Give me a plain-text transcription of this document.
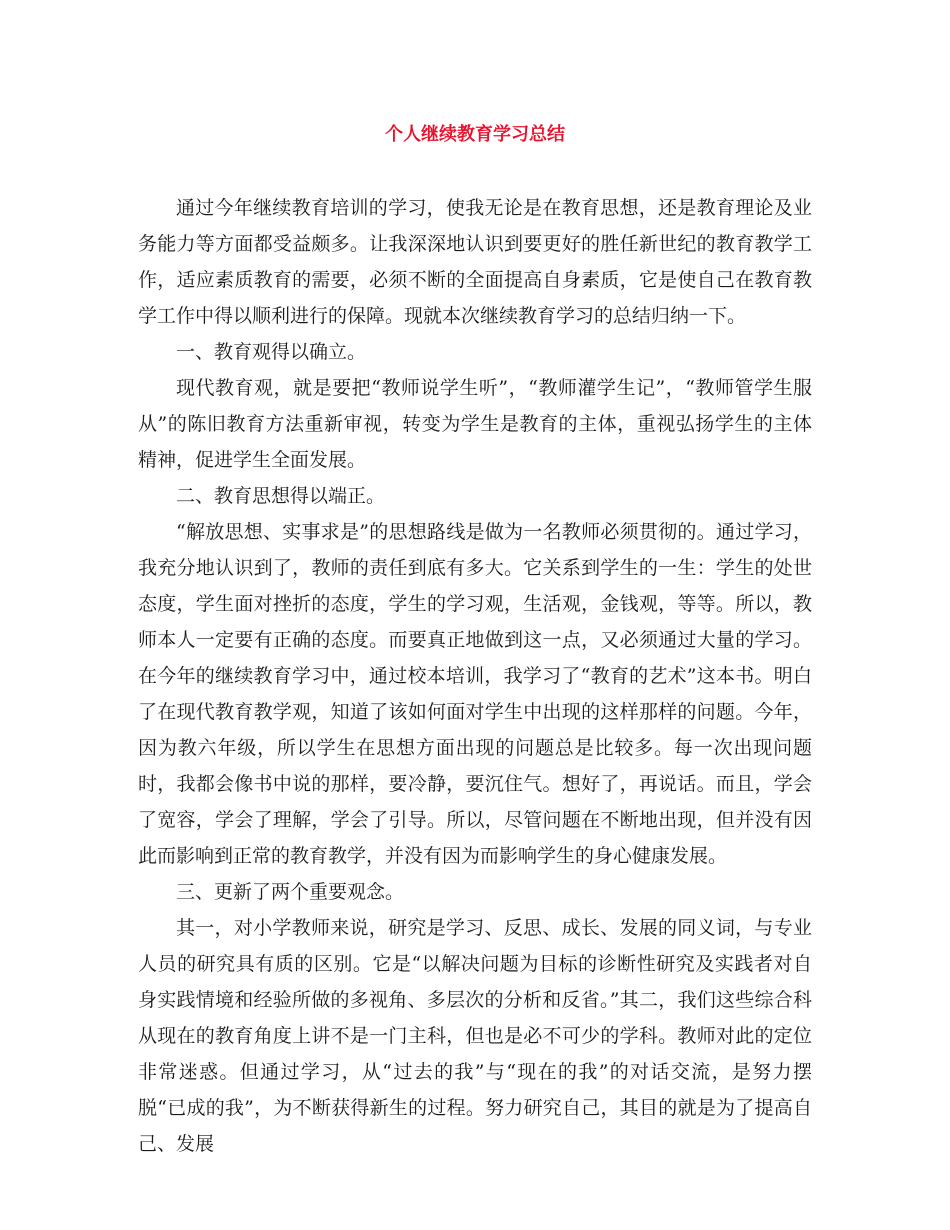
个人继续教育学习总结

通过今年继续教育培训的学习，使我无论是在教育思想，还是教育理论及业务能力等方面都受益颇多。让我深深地认识到要更好的胜任新世纪的教育教学工作，适应素质教育的需要，必须不断的全面提高自身素质，它是使自己在教育教学工作中得以顺利进行的保障。现就本次继续教育学习的总结归纳一下。

一、教育观得以确立。

现代教育观，就是要把“教师说学生听”，“教师灌学生记”，“教师管学生服从”的陈旧教育方法重新审视，转变为学生是教育的主体，重视弘扬学生的主体精神，促进学生全面发展。

二、教育思想得以端正。

“解放思想、实事求是”的思想路线是做为一名教师必须贯彻的。通过学习，我充分地认识到了，教师的责任到底有多大。它关系到学生的一生：学生的处世态度，学生面对挫折的态度，学生的学习观，生活观，金钱观，等等。所以，教师本人一定要有正确的态度。而要真正地做到这一点，又必须通过大量的学习。在今年的继续教育学习中，通过校本培训，我学习了“教育的艺术”这本书。明白了在现代教育教学观，知道了该如何面对学生中出现的这样那样的问题。今年，因为教六年级，所以学生在思想方面出现的问题总是比较多。每一次出现问题时，我都会像书中说的那样，要冷静，要沉住气。想好了，再说话。而且，学会了宽容，学会了理解，学会了引导。所以，尽管问题在不断地出现，但并没有因此而影响到正常的教育教学，并没有因为而影响学生的身心健康发展。

三、更新了两个重要观念。

其一，对小学教师来说，研究是学习、反思、成长、发展的同义词，与专业人员的研究具有质的区别。它是“以解决问题为目标的诊断性研究及实践者对自身实践情境和经验所做的多视角、多层次的分析和反省。”其二，我们这些综合科从现在的教育角度上讲不是一门主科，但也是必不可少的学科。教师对此的定位非常迷惑。但通过学习，从“过去的我”与“现在的我”的对话交流，是努力摆脱“已成的我”，为不断获得新生的过程。努力研究自己，其目的就是为了提高自己、发展
